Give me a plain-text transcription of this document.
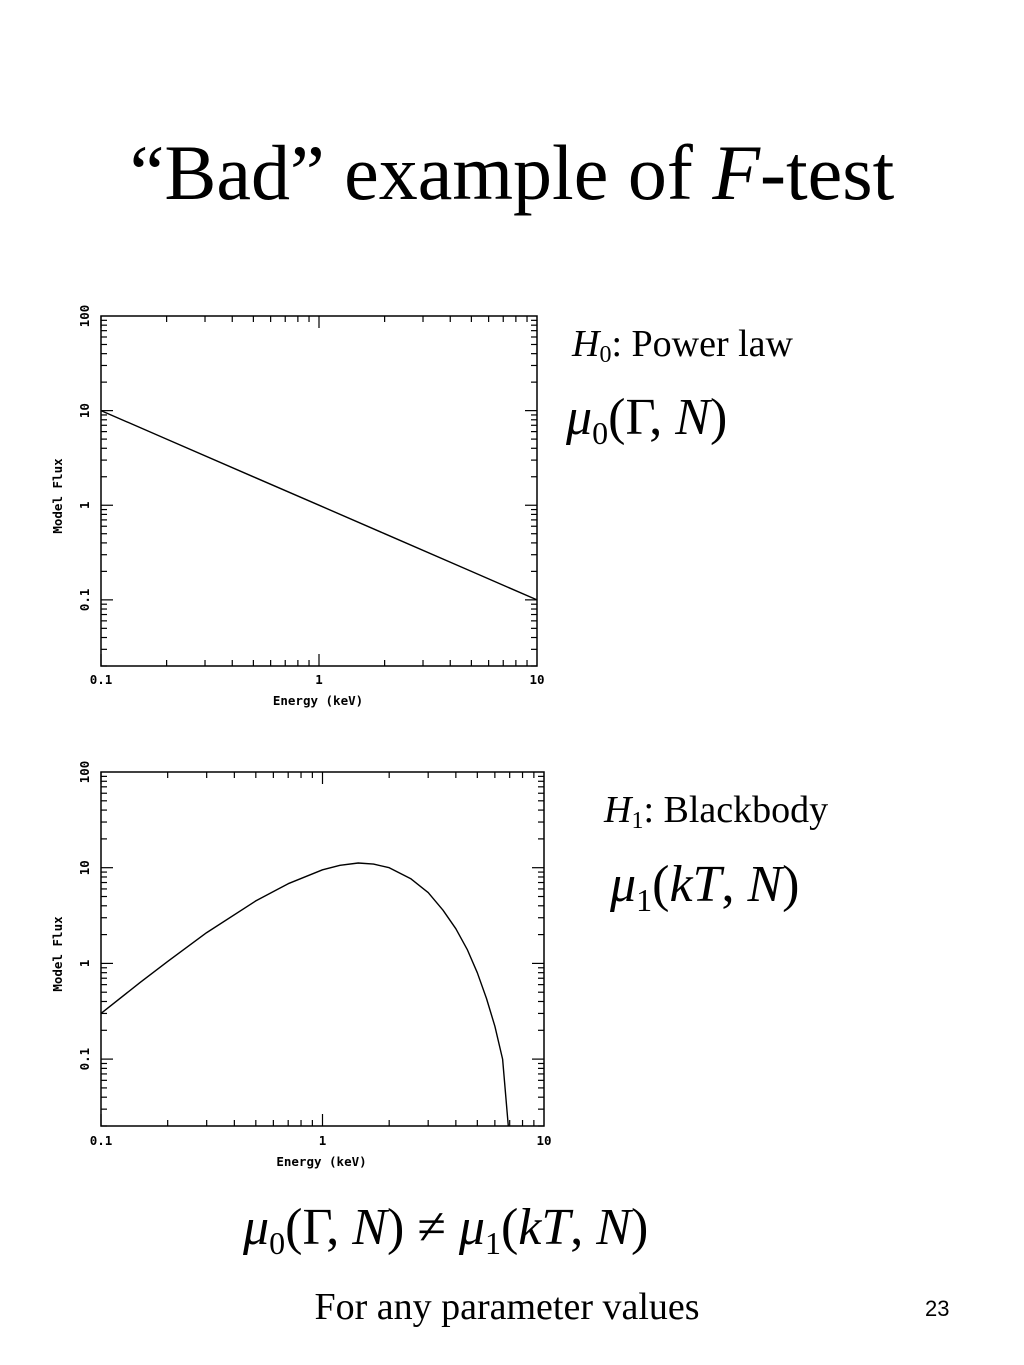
“Bad” example of F-test
0.1	1	10
0.1
1
10
100
Energy (keV)
Model Flux
0.1	1	10
0.1
1
10
100
Energy (keV)
Model Flux
$H_0$: Power law
$\mu_0(\Gamma$, N)
$H_1$: Blackbody
$\mu_1(kT$, N)
$\mu_0(\Gamma$, $N) \ne \mu_1(kT$, N)
For any parameter values	23
